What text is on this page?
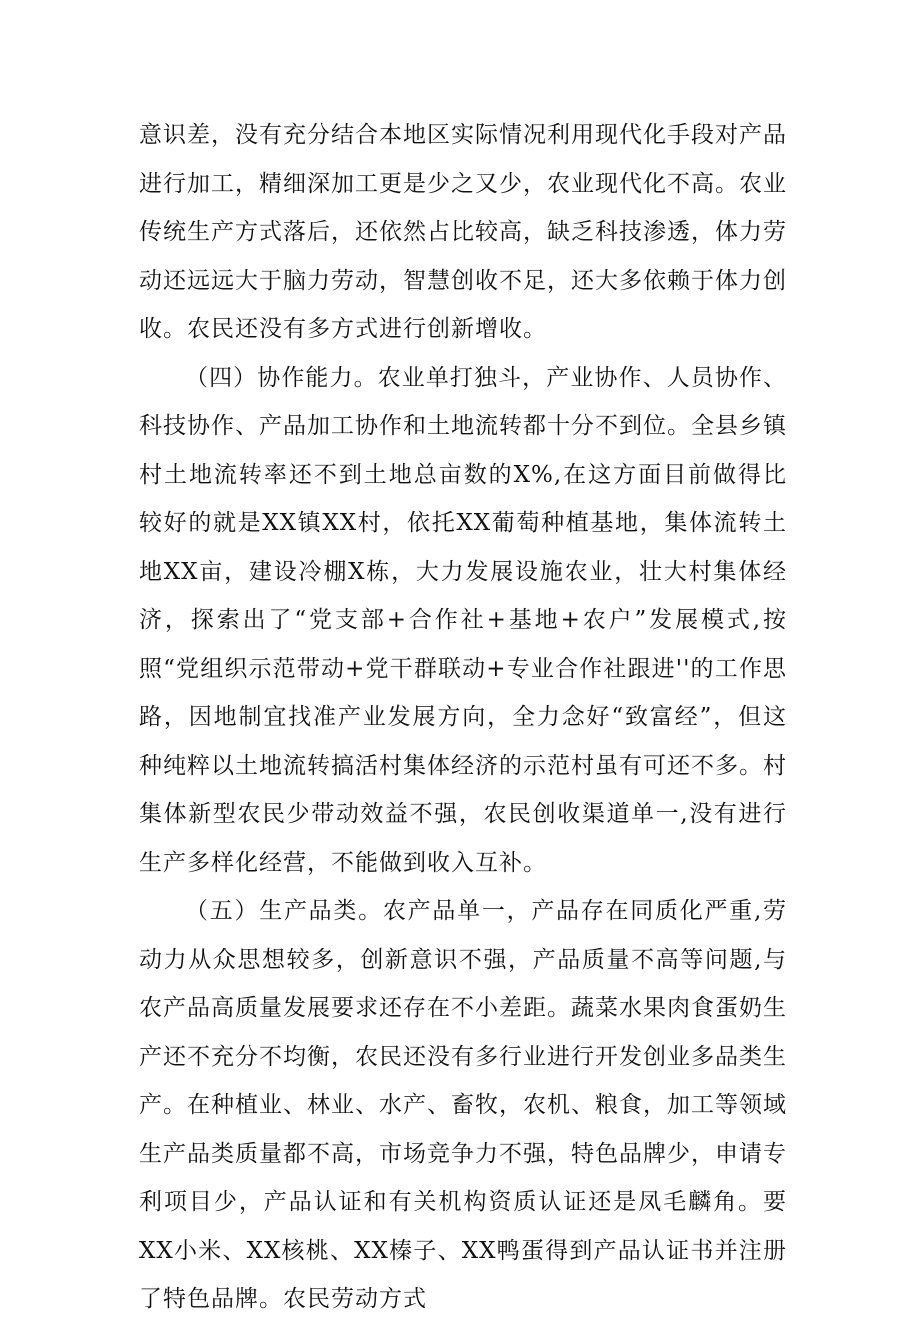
意识差，没有充分结合本地区实际情况利用现代化手段对产品进行加工，精细深加工更是少之又少，农业现代化不高。农业传统生产方式落后，还依然占比较高，缺乏科技渗透，体力劳动还远远大于脑力劳动，智慧创收不足，还大多依赖于体力创收。农民还没有多方式进行创新增收。

（四）协作能力。农业单打独斗，产业协作、人员协作、科技协作、产品加工协作和土地流转都十分不到位。全县乡镇村土地流转率还不到土地总亩数的X%,在这方面目前做得比较好的就是XX镇XX村，依托XX葡萄种植基地，集体流转土地XX亩，建设冷棚X栋，大力发展设施农业，壮大村集体经济，探索出了“党支部+合作社+基地+农户”发展模式,按照“党组织示范带动+党干群联动+专业合作社跟进''的工作思路，因地制宜找准产业发展方向，全力念好“致富经”，但这种纯粹以土地流转搞活村集体经济的示范村虽有可还不多。村集体新型农民少带动效益不强，农民创收渠道单一,没有进行生产多样化经营，不能做到收入互补。

（五）生产品类。农产品单一，产品存在同质化严重,劳动力从众思想较多，创新意识不强，产品质量不高等问题,与农产品高质量发展要求还存在不小差距。蔬菜水果肉食蛋奶生产还不充分不均衡，农民还没有多行业进行开发创业多品类生产。在种植业、林业、水产、畜牧，农机、粮食，加工等领域生产品类质量都不高，市场竞争力不强，特色品牌少，申请专利项目少，产品认证和有关机构资质认证还是凤毛麟角。要XX小米、XX核桃、XX榛子、XX鸭蛋得到产品认证书并注册了特色品牌。农民劳动方式
